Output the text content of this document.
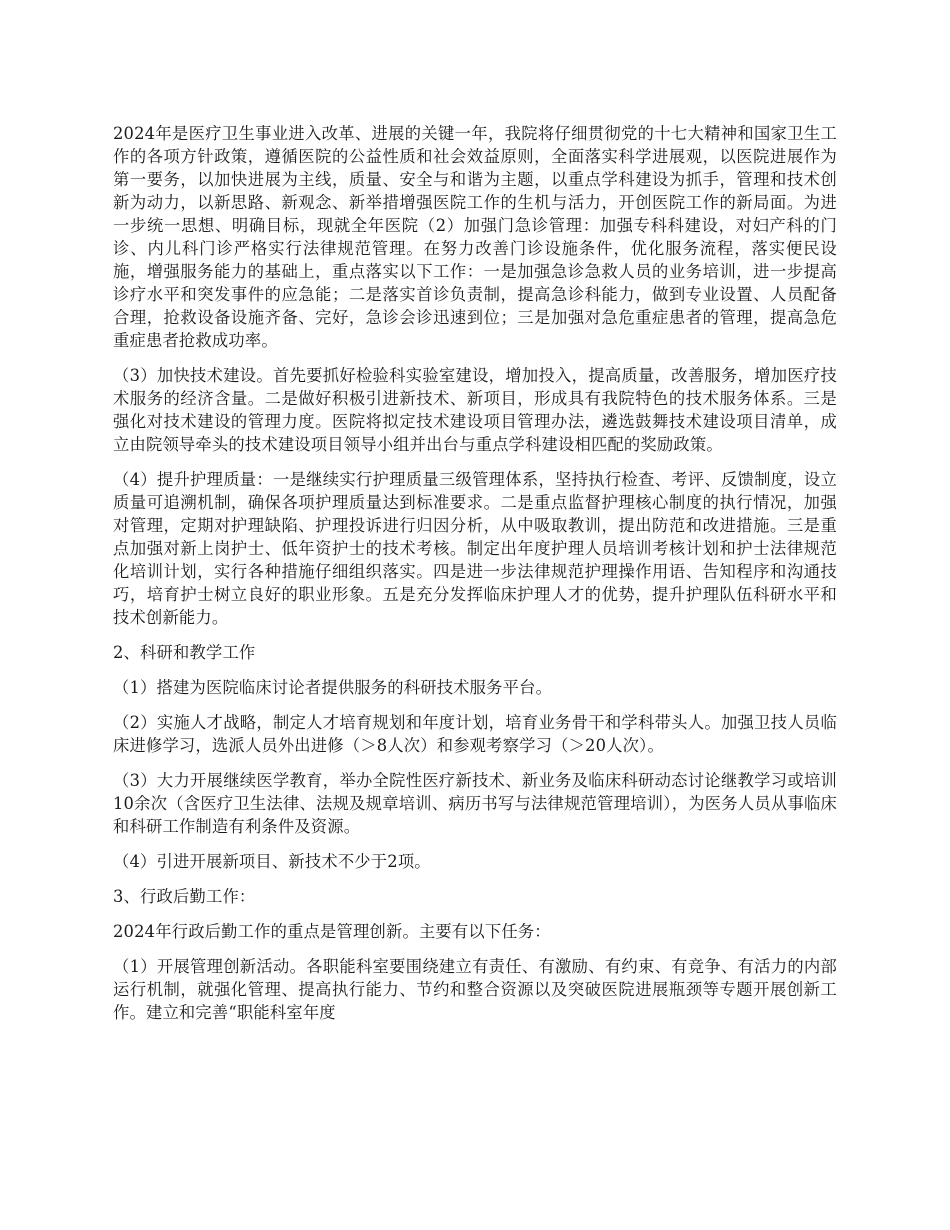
2024年是医疗卫生事业进入改革、进展的关键一年，我院将仔细贯彻党的十七大精神和国家卫生工作的各项方针政策，遵循医院的公益性质和社会效益原则，全面落实科学进展观，以医院进展作为第一要务，以加快进展为主线，质量、安全与和谐为主题，以重点学科建设为抓手，管理和技术创新为动力，以新思路、新观念、新举措增强医院工作的生机与活力，开创医院工作的新局面。为进一步统一思想、明确目标，现就全年医院（2）加强门急诊管理：加强专科科建设，对妇产科的门诊、内儿科门诊严格实行法律规范管理。在努力改善门诊设施条件，优化服务流程，落实便民设施，增强服务能力的基础上，重点落实以下工作：一是加强急诊急救人员的业务培训，进一步提高诊疗水平和突发事件的应急能；二是落实首诊负责制，提高急诊科能力，做到专业设置、人员配备合理，抢救设备设施齐备、完好，急诊会诊迅速到位；三是加强对急危重症患者的管理，提高急危重症患者抢救成功率。

（3）加快技术建设。首先要抓好检验科实验室建设，增加投入，提高质量，改善服务，增加医疗技术服务的经济含量。二是做好积极引进新技术、新项目，形成具有我院特色的技术服务体系。三是强化对技术建设的管理力度。医院将拟定技术建设项目管理办法，遴选鼓舞技术建设项目清单，成立由院领导牵头的技术建设项目领导小组并出台与重点学科建设相匹配的奖励政策。

（4）提升护理质量：一是继续实行护理质量三级管理体系，坚持执行检查、考评、反馈制度，设立质量可追溯机制，确保各项护理质量达到标准要求。二是重点监督护理核心制度的执行情况，加强对管理，定期对护理缺陷、护理投诉进行归因分析，从中吸取教训，提出防范和改进措施。三是重点加强对新上岗护士、低年资护士的技术考核。制定出年度护理人员培训考核计划和护士法律规范化培训计划，实行各种措施仔细组织落实。四是进一步法律规范护理操作用语、告知程序和沟通技巧，培育护士树立良好的职业形象。五是充分发挥临床护理人才的优势，提升护理队伍科研水平和技术创新能力。

2、科研和教学工作

（1）搭建为医院临床讨论者提供服务的科研技术服务平台。

（2）实施人才战略，制定人才培育规划和年度计划，培育业务骨干和学科带头人。加强卫技人员临床进修学习，选派人员外出进修（＞8人次）和参观考察学习（＞20人次）。

（3）大力开展继续医学教育，举办全院性医疗新技术、新业务及临床科研动态讨论继教学习或培训10余次（含医疗卫生法律、法规及规章培训、病历书写与法律规范管理培训），为医务人员从事临床和科研工作制造有利条件及资源。

（4）引进开展新项目、新技术不少于2项。

3、行政后勤工作：

2024年行政后勤工作的重点是管理创新。主要有以下任务：

（1）开展管理创新活动。各职能科室要围绕建立有责任、有激励、有约束、有竞争、有活力的内部运行机制，就强化管理、提高执行能力、节约和整合资源以及突破医院进展瓶颈等专题开展创新工作。建立和完善“职能科室年度
